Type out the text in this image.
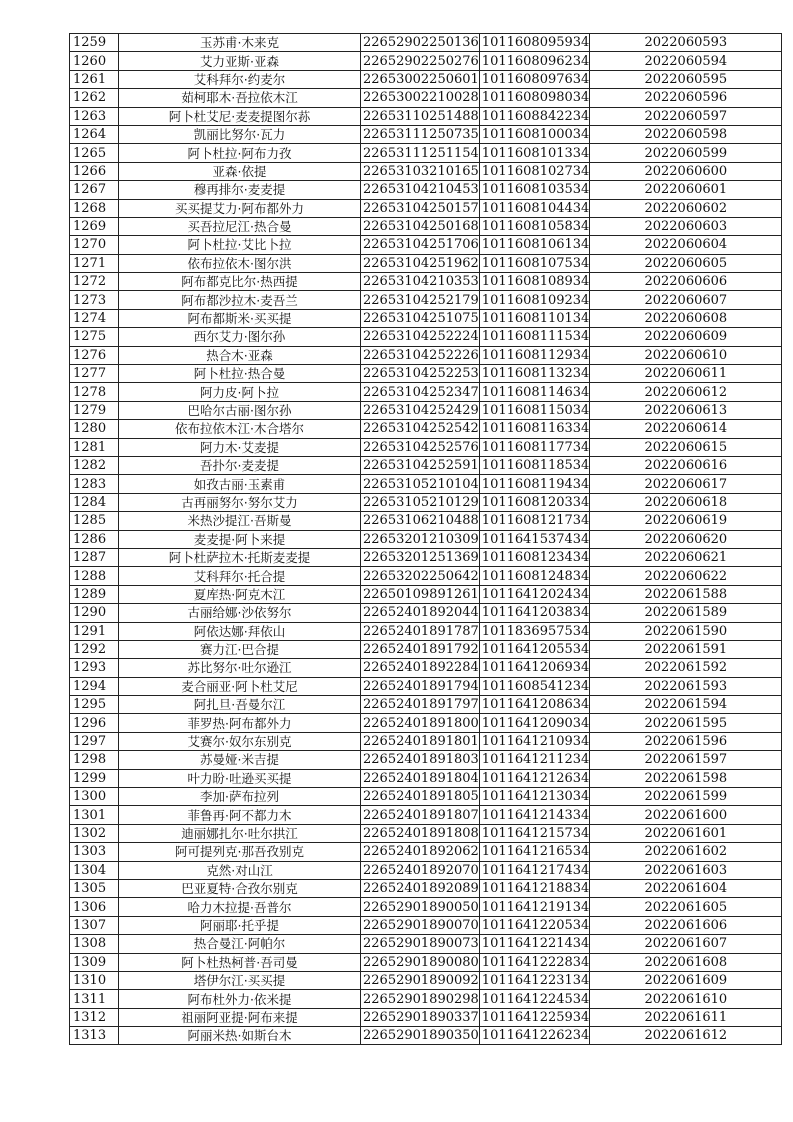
1259	玉苏甫·木来克	22652902250136	1011608095934	2022060593
1260	艾力亚斯·亚森	22652902250276	1011608096234	2022060594
1261	艾科拜尔·约麦尔	22653002250601	1011608097634	2022060595
1262	茹柯耶木·吾拉依木江	22653002210028	1011608098034	2022060596
1263	阿卜杜艾尼·麦麦提图尔荪	22653110251488	1011608842234	2022060597
1264	凯丽比努尔·瓦力	22653111250735	1011608100034	2022060598
1265	阿卜杜拉·阿布力孜	22653111251154	1011608101334	2022060599
1266	亚森·依提	22653103210165	1011608102734	2022060600
1267	穆再排尔·麦麦提	22653104210453	1011608103534	2022060601
1268	买买提艾力·阿布都外力	22653104250157	1011608104434	2022060602
1269	买吾拉尼江·热合曼	22653104250168	1011608105834	2022060603
1270	阿卜杜拉·艾比卜拉	22653104251706	1011608106134	2022060604
1271	依布拉依木·图尔洪	22653104251962	1011608107534	2022060605
1272	阿布都克比尔·热西提	22653104210353	1011608108934	2022060606
1273	阿布都沙拉木·麦吾兰	22653104252179	1011608109234	2022060607
1274	阿布都斯米·买买提	22653104251075	1011608110134	2022060608
1275	西尔艾力·图尔孙	22653104252224	1011608111534	2022060609
1276	热合木·亚森	22653104252226	1011608112934	2022060610
1277	阿卜杜拉·热合曼	22653104252253	1011608113234	2022060611
1278	阿力皮·阿卜拉	22653104252347	1011608114634	2022060612
1279	巴哈尔古丽·图尔孙	22653104252429	1011608115034	2022060613
1280	依布拉依木江·木合塔尔	22653104252542	1011608116334	2022060614
1281	阿力木·艾麦提	22653104252576	1011608117734	2022060615
1282	吾扑尔·麦麦提	22653104252591	1011608118534	2022060616
1283	如孜古丽·玉素甫	22653105210104	1011608119434	2022060617
1284	古再丽努尔·努尔艾力	22653105210129	1011608120334	2022060618
1285	米热沙提江·吾斯曼	22653106210488	1011608121734	2022060619
1286	麦麦提·阿卜来提	22653201210309	1011641537434	2022060620
1287	阿卜杜萨拉木·托斯麦麦提	22653201251369	1011608123434	2022060621
1288	艾科拜尔·托合提	22653202250642	1011608124834	2022060622
1289	夏库热·阿克木江	22650109891261	1011641202434	2022061588
1290	古丽给娜·沙依努尔	22652401892044	1011641203834	2022061589
1291	阿依达娜·拜依山	22652401891787	1011836957534	2022061590
1292	赛力江·巴合提	22652401891792	1011641205534	2022061591
1293	苏比努尔·吐尔逊江	22652401892284	1011641206934	2022061592
1294	麦合丽亚·阿卜杜艾尼	22652401891794	1011608541234	2022061593
1295	阿扎旦·吾曼尔江	22652401891797	1011641208634	2022061594
1296	菲罗热·阿布都外力	22652401891800	1011641209034	2022061595
1297	艾赛尔·奴尔东别克	22652401891801	1011641210934	2022061596
1298	苏曼娅·米吉提	22652401891803	1011641211234	2022061597
1299	叶力昐·吐逊买买提	22652401891804	1011641212634	2022061598
1300	李加·萨布拉列	22652401891805	1011641213034	2022061599
1301	菲鲁再·阿不都力木	22652401891807	1011641214334	2022061600
1302	迪丽娜扎尔·吐尔拱江	22652401891808	1011641215734	2022061601
1303	阿可提列克·那吾孜别克	22652401892062	1011641216534	2022061602
1304	克然·对山江	22652401892070	1011641217434	2022061603
1305	巴亚夏特·合孜尔别克	22652401892089	1011641218834	2022061604
1306	哈力木拉提·吾普尔	22652901890050	1011641219134	2022061605
1307	阿丽耶·托乎提	22652901890070	1011641220534	2022061606
1308	热合曼江·阿帕尔	22652901890073	1011641221434	2022061607
1309	阿卜杜热柯普·吾司曼	22652901890080	1011641222834	2022061608
1310	塔伊尔江·买买提	22652901890092	1011641223134	2022061609
1311	阿布杜外力·依米提	22652901890298	1011641224534	2022061610
1312	祖丽阿亚提·阿布来提	22652901890337	1011641225934	2022061611
1313	阿丽米热·如斯台木	22652901890350	1011641226234	2022061612
